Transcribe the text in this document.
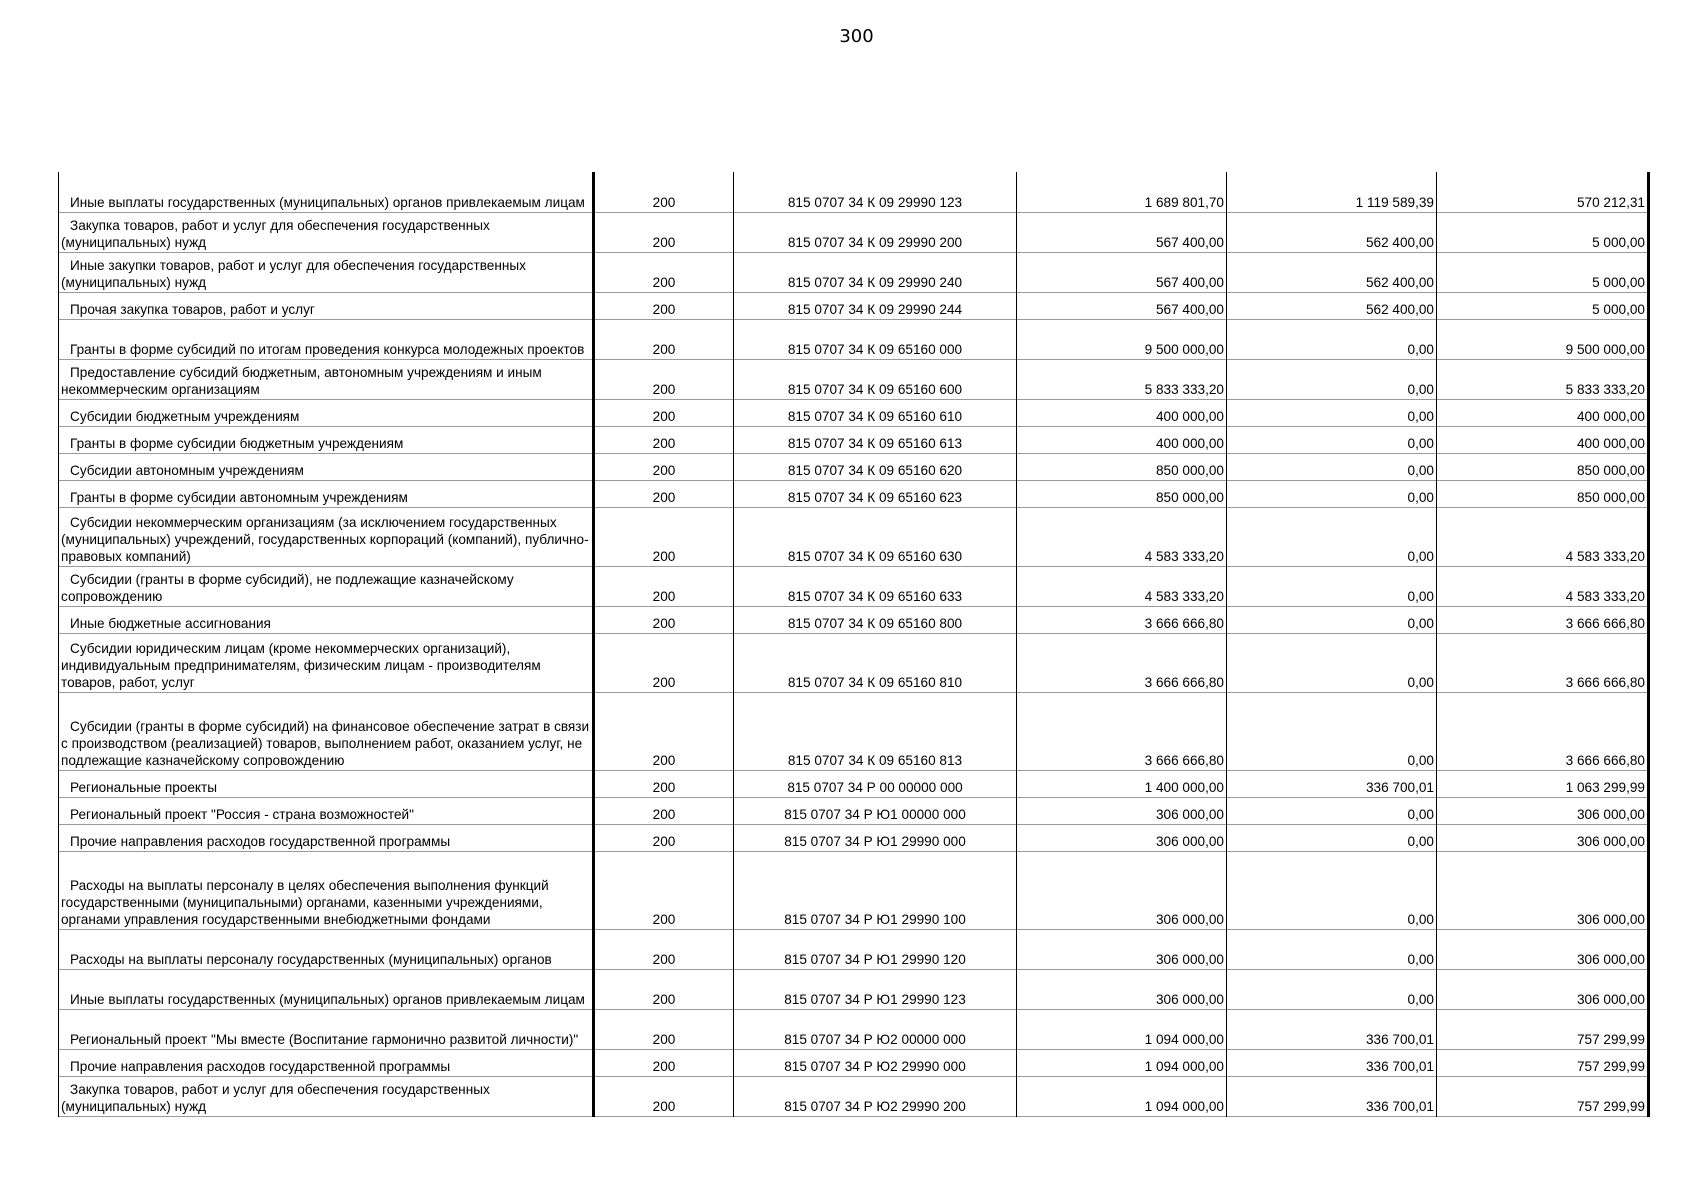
300
Иные выплаты государственных (муниципальных) органов привлекаемым лицам	200	815 0707 34 К 09 29990 123	1 689 801,70	1 119 589,39	570 212,31
Закупка товаров, работ и услуг для обеспечения государственных (муниципальных) нужд	200	815 0707 34 К 09 29990 200	567 400,00	562 400,00	5 000,00
Иные закупки товаров, работ и услуг для обеспечения государственных (муниципальных) нужд	200	815 0707 34 К 09 29990 240	567 400,00	562 400,00	5 000,00
Прочая закупка товаров, работ и услуг	200	815 0707 34 К 09 29990 244	567 400,00	562 400,00	5 000,00
Гранты в форме субсидий по итогам проведения конкурса молодежных проектов	200	815 0707 34 К 09 65160 000	9 500 000,00	0,00	9 500 000,00
Предоставление субсидий бюджетным, автономным учреждениям и иным некоммерческим организациям	200	815 0707 34 К 09 65160 600	5 833 333,20	0,00	5 833 333,20
Субсидии бюджетным учреждениям	200	815 0707 34 К 09 65160 610	400 000,00	0,00	400 000,00
Гранты в форме субсидии бюджетным учреждениям	200	815 0707 34 К 09 65160 613	400 000,00	0,00	400 000,00
Субсидии автономным учреждениям	200	815 0707 34 К 09 65160 620	850 000,00	0,00	850 000,00
Гранты в форме субсидии автономным учреждениям	200	815 0707 34 К 09 65160 623	850 000,00	0,00	850 000,00
Субсидии некоммерческим организациям (за исключением государственных (муниципальных) учреждений, государственных корпораций (компаний), публично-правовых компаний)	200	815 0707 34 К 09 65160 630	4 583 333,20	0,00	4 583 333,20
Субсидии (гранты в форме субсидий), не подлежащие казначейскому сопровождению	200	815 0707 34 К 09 65160 633	4 583 333,20	0,00	4 583 333,20
Иные бюджетные ассигнования	200	815 0707 34 К 09 65160 800	3 666 666,80	0,00	3 666 666,80
Субсидии юридическим лицам (кроме некоммерческих организаций), индивидуальным предпринимателям, физическим лицам - производителям товаров, работ, услуг	200	815 0707 34 К 09 65160 810	3 666 666,80	0,00	3 666 666,80
Субсидии (гранты в форме субсидий) на финансовое обеспечение затрат в связи с производством (реализацией) товаров, выполнением работ, оказанием услуг, не подлежащие казначейскому сопровождению	200	815 0707 34 К 09 65160 813	3 666 666,80	0,00	3 666 666,80
Региональные проекты	200	815 0707 34 Р 00 00000 000	1 400 000,00	336 700,01	1 063 299,99
Региональный проект "Россия - страна возможностей"	200	815 0707 34 Р Ю1 00000 000	306 000,00	0,00	306 000,00
Прочие направления расходов государственной программы	200	815 0707 34 Р Ю1 29990 000	306 000,00	0,00	306 000,00
Расходы на выплаты персоналу в целях обеспечения выполнения функций государственными (муниципальными) органами, казенными учреждениями, органами управления государственными внебюджетными фондами	200	815 0707 34 Р Ю1 29990 100	306 000,00	0,00	306 000,00
Расходы на выплаты персоналу государственных (муниципальных) органов	200	815 0707 34 Р Ю1 29990 120	306 000,00	0,00	306 000,00
Иные выплаты государственных (муниципальных) органов привлекаемым лицам	200	815 0707 34 Р Ю1 29990 123	306 000,00	0,00	306 000,00
Региональный проект "Мы вместе (Воспитание гармонично развитой личности)"	200	815 0707 34 Р Ю2 00000 000	1 094 000,00	336 700,01	757 299,99
Прочие направления расходов государственной программы	200	815 0707 34 Р Ю2 29990 000	1 094 000,00	336 700,01	757 299,99
Закупка товаров, работ и услуг для обеспечения государственных (муниципальных) нужд	200	815 0707 34 Р Ю2 29990 200	1 094 000,00	336 700,01	757 299,99
